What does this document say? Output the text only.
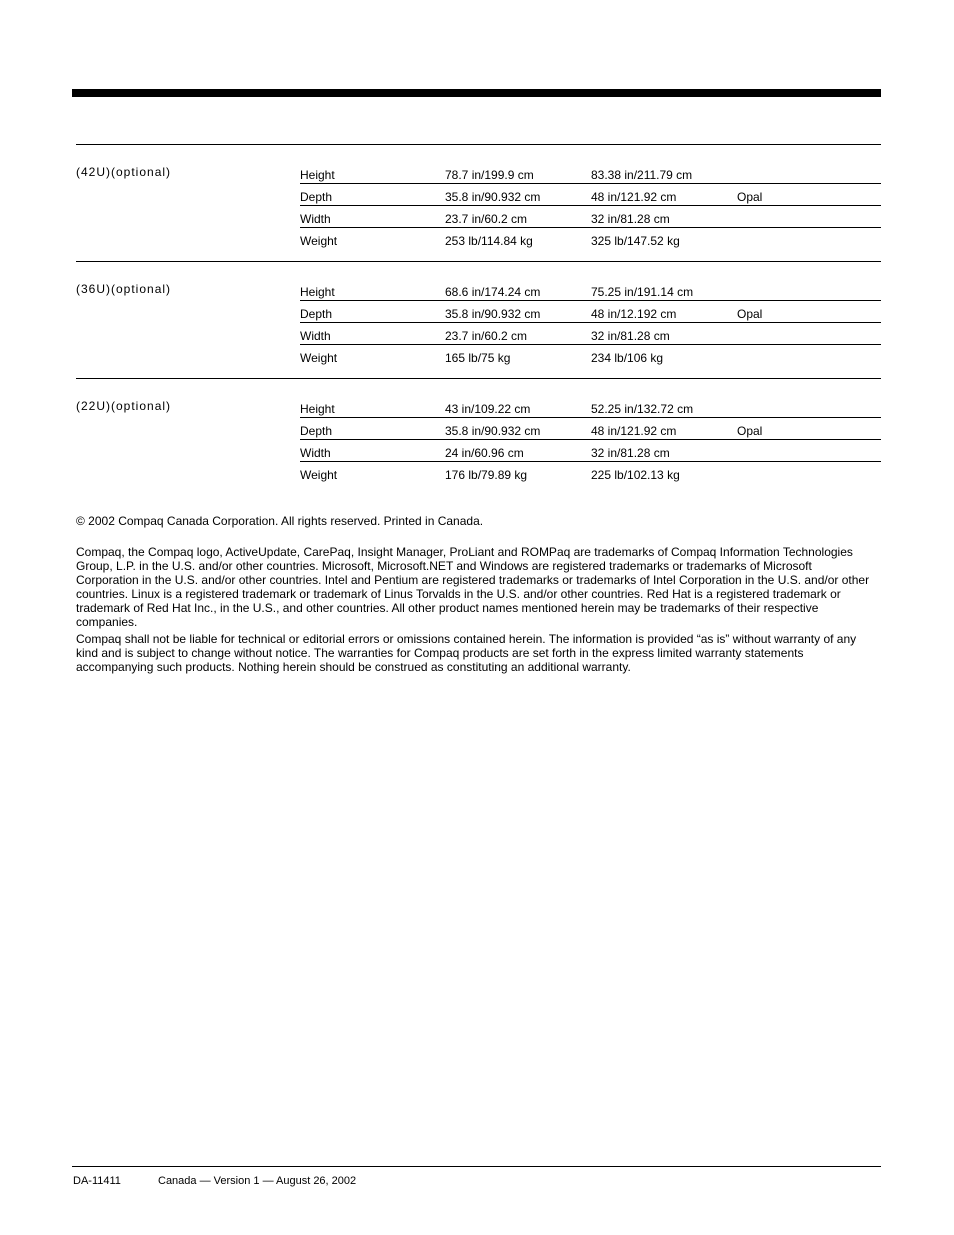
(42U)(optional)	Height	78.7 in/199.9 cm	83.38 in/211.79 cm	
Depth	35.8 in/90.932 cm	48 in/121.92 cm	Opal
Width	23.7 in/60.2 cm	32 in/81.28 cm	
Weight	253 lb/114.84 kg	325 lb/147.52 kg	
(36U)(optional)	Height	68.6 in/174.24 cm	75.25 in/191.14 cm	
Depth	35.8 in/90.932 cm	48 in/12.192 cm	Opal
Width	23.7 in/60.2 cm	32 in/81.28 cm	
Weight	165 lb/75 kg	234 lb/106 kg	
(22U)(optional)	Height	43 in/109.22 cm	52.25 in/132.72 cm	
Depth	35.8 in/90.932 cm	48 in/121.92 cm	Opal
Width	24 in/60.96 cm	32 in/81.28 cm	
Weight	176 lb/79.89 kg	225 lb/102.13 kg	
© 2002 Compaq Canada Corporation. All rights reserved. Printed in Canada.
Compaq, the Compaq logo, ActiveUpdate, CarePaq, Insight Manager, ProLiant and ROMPaq are trademarks of Compaq Information Technologies Group, L.P. in the U.S. and/or other countries. Microsoft, Microsoft.NET and Windows are registered trademarks or trademarks of Microsoft Corporation in the U.S. and/or other countries. Intel and Pentium are registered trademarks or trademarks of Intel Corporation in the U.S. and/or other countries. Linux is a registered trademark or trademark of Linus Torvalds in the U.S. and/or other countries. Red Hat is a registered trademark or trademark of Red Hat Inc., in the U.S., and other countries. All other product names mentioned herein may be trademarks of their respective companies.
Compaq shall not be liable for technical or editorial errors or omissions contained herein. The information is provided “as is” without warranty of any kind and is subject to change without notice. The warranties for Compaq products are set forth in the express limited warranty statements accompanying such products. Nothing herein should be construed as constituting an additional warranty.
DA-11411	Canada — Version 1 — August 26, 2002
